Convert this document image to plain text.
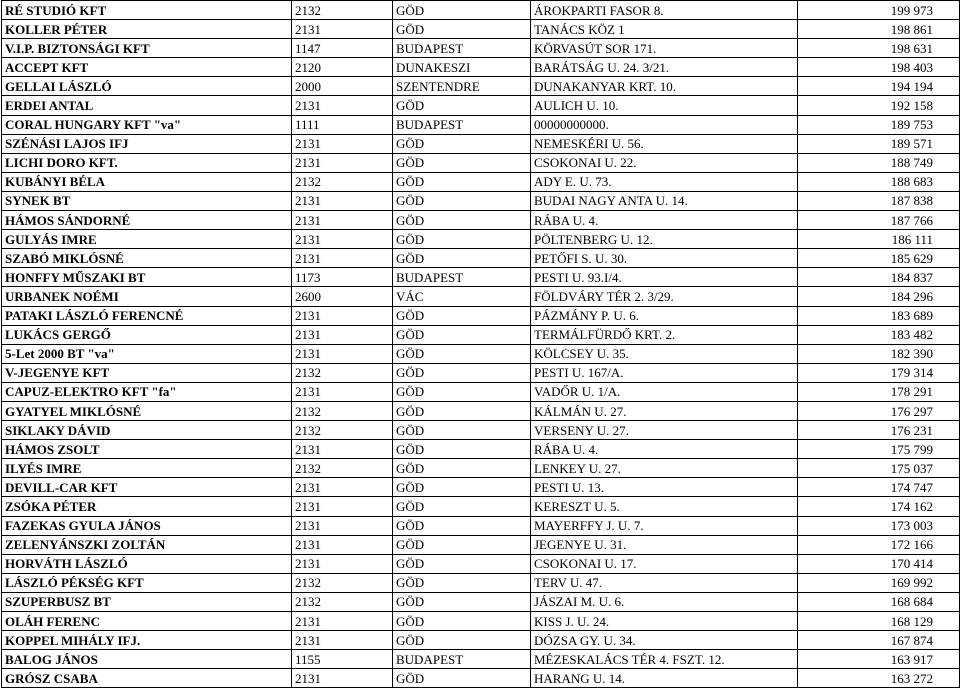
RÉ STUDIÓ KFT	2132	GÖD	ÁROKPARTI FASOR 8.	199 973
KOLLER PÉTER	2131	GÖD	TANÁCS KÖZ 1	198 861
V.I.P. BIZTONSÁGI KFT	1147	BUDAPEST	KÖRVASÚT SOR 171.	198 631
ACCEPT KFT	2120	DUNAKESZI	BARÁTSÁG U. 24. 3/21.	198 403
GELLAI LÁSZLÓ	2000	SZENTENDRE	DUNAKANYAR KRT. 10.	194 194
ERDEI ANTAL	2131	GÖD	AULICH U. 10.	192 158
CORAL HUNGARY KFT "va"	1111	BUDAPEST	00000000000.	189 753
SZÉNÁSI LAJOS IFJ	2131	GÖD	NEMESKÉRI U. 56.	189 571
LICHI DORO KFT.	2131	GÖD	CSOKONAI U. 22.	188 749
KUBÁNYI BÉLA	2132	GÖD	ADY E. U. 73.	188 683
SYNEK BT	2131	GÖD	BUDAI NAGY ANTA U. 14.	187 838
HÁMOS SÁNDORNÉ	2131	GÖD	RÁBA U. 4.	187 766
GULYÁS IMRE	2131	GÖD	PÖLTENBERG U. 12.	186 111
SZABÓ MIKLÓSNÉ	2131	GÖD	PETŐFI S. U. 30.	185 629
HONFFY MŰSZAKI BT	1173	BUDAPEST	PESTI U. 93.I/4.	184 837
URBANEK NOÉMI	2600	VÁC	FÖLDVÁRY TÉR 2. 3/29.	184 296
PATAKI LÁSZLÓ FERENCNÉ	2131	GÖD	PÁZMÁNY P. U. 6.	183 689
LUKÁCS GERGŐ	2131	GÖD	TERMÁLFÜRDŐ KRT. 2.	183 482
5-Let 2000 BT "va"	2131	GÖD	KÖLCSEY U. 35.	182 390
V-JEGENYE KFT	2132	GÖD	PESTI U. 167/A.	179 314
CAPUZ-ELEKTRO KFT "fa"	2131	GÖD	VADŐR U. 1/A.	178 291
GYATYEL MIKLÓSNÉ	2132	GÖD	KÁLMÁN U. 27.	176 297
SIKLAKY DÁVID	2132	GÖD	VERSENY U. 27.	176 231
HÁMOS ZSOLT	2131	GÖD	RÁBA U. 4.	175 799
ILYÉS IMRE	2132	GÖD	LENKEY U. 27.	175 037
DEVILL-CAR KFT	2131	GÖD	PESTI U. 13.	174 747
ZSÓKA PÉTER	2131	GÖD	KERESZT U. 5.	174 162
FAZEKAS GYULA JÁNOS	2131	GÖD	MAYERFFY J. U. 7.	173 003
ZELENYÁNSZKI ZOLTÁN	2131	GÖD	JEGENYE U. 31.	172 166
HORVÁTH LÁSZLÓ	2131	GÖD	CSOKONAI U. 17.	170 414
LÁSZLÓ PÉKSÉG KFT	2132	GÖD	TERV U. 47.	169 992
SZUPERBUSZ BT	2132	GÖD	JÁSZAI M. U. 6.	168 684
OLÁH FERENC	2131	GÖD	KISS J. U. 24.	168 129
KOPPEL MIHÁLY IFJ.	2131	GÖD	DÓZSA GY. U. 34.	167 874
BALOG JÁNOS	1155	BUDAPEST	MÉZESKALÁCS TÉR 4. FSZT. 12.	163 917
GRÓSZ CSABA	2131	GÖD	HARANG U. 14.	163 272
